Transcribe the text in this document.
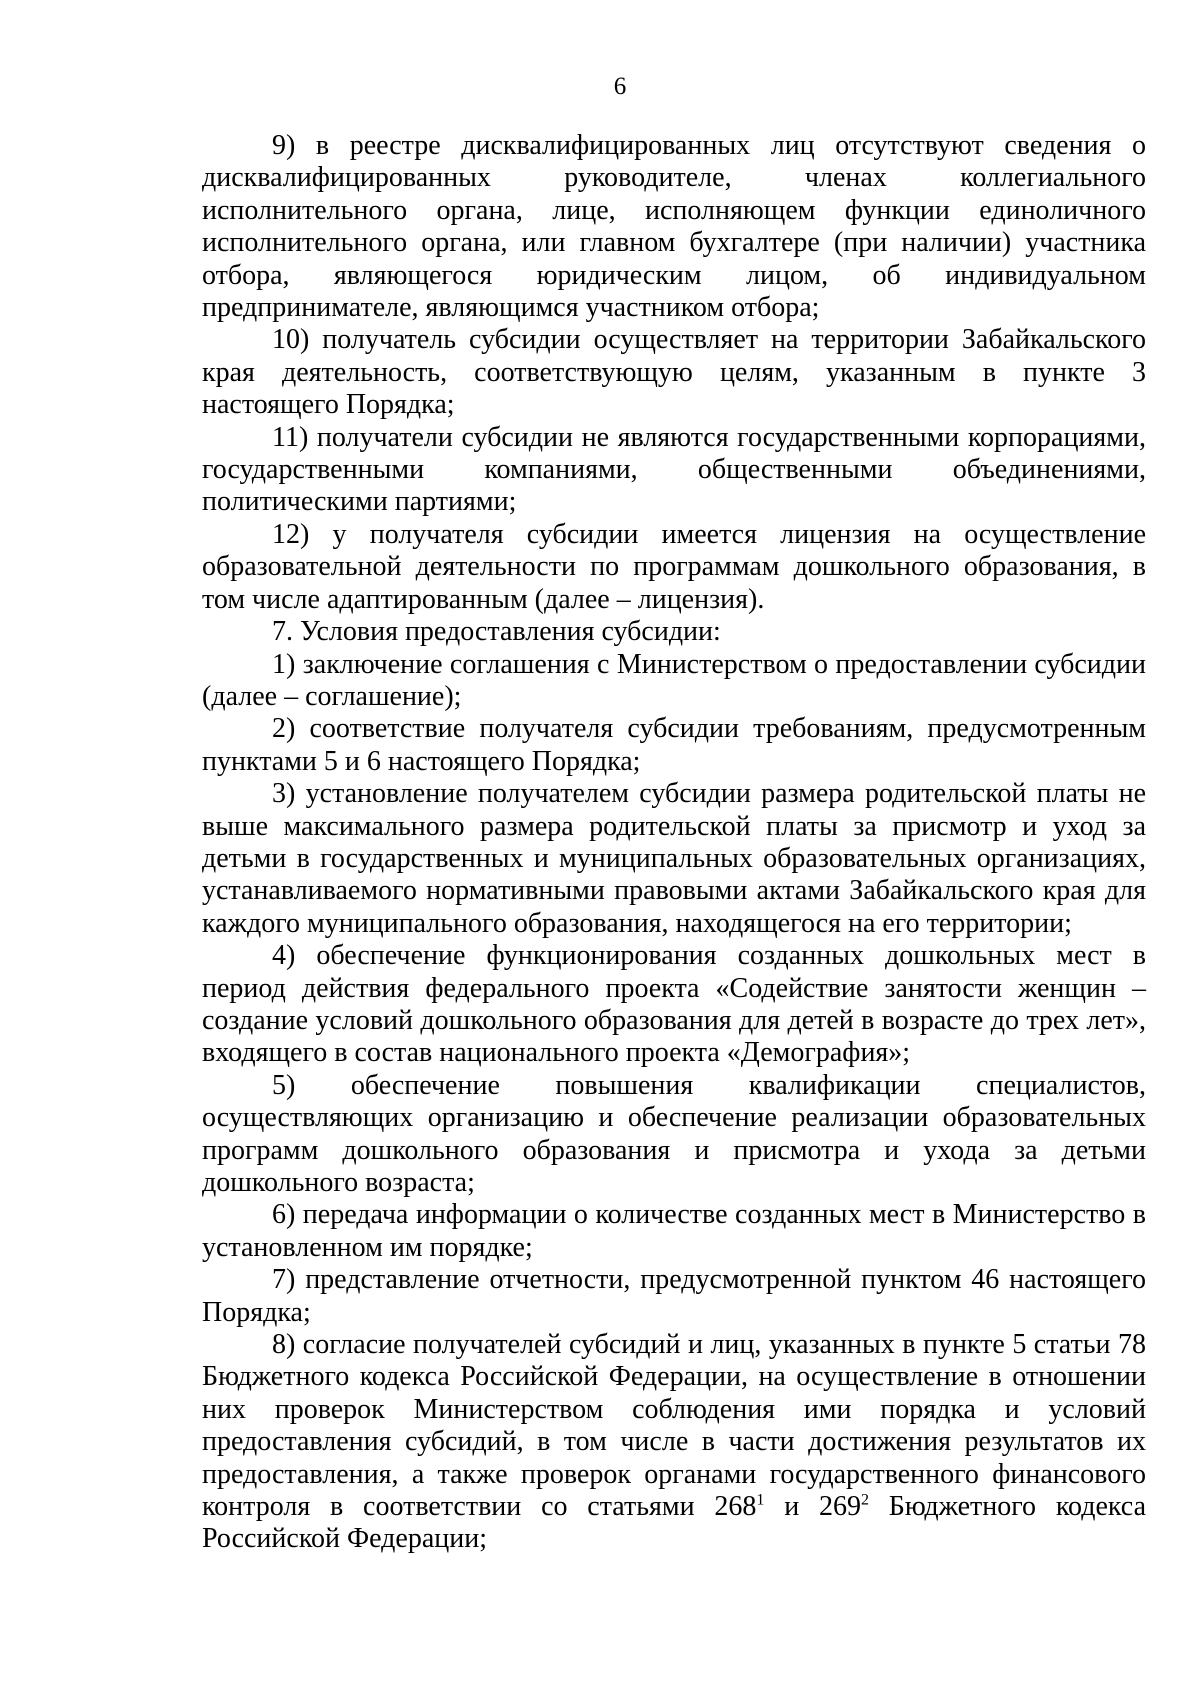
6

9) в реестре дисквалифицированных лиц отсутствуют сведения о дисквалифицированных руководителе, членах коллегиального исполнительного органа, лице, исполняющем функции единоличного исполнительного органа, или главном бухгалтере (при наличии) участника отбора, являющегося юридическим лицом, об индивидуальном предпринимателе, являющимся участником отбора;

10) получатель субсидии осуществляет на территории Забайкальского края деятельность, соответствующую целям, указанным в пункте 3 настоящего Порядка;

11) получатели субсидии не являются государственными корпорациями, государственными компаниями, общественными объединениями, политическими партиями;

12) у получателя субсидии имеется лицензия на осуществление образовательной деятельности по программам дошкольного образования, в том числе адаптированным (далее – лицензия).

7. Условия предоставления субсидии:

1) заключение соглашения с Министерством о предоставлении субсидии (далее – соглашение);

2) соответствие получателя субсидии требованиям, предусмотренным пунктами 5 и 6 настоящего Порядка;

3) установление получателем субсидии размера родительской платы не выше максимального размера родительской платы за присмотр и уход за детьми в государственных и муниципальных образовательных организациях, устанавливаемого нормативными правовыми актами Забайкальского края для каждого муниципального образования, находящегося на его территории;

4) обеспечение функционирования созданных дошкольных мест в период действия федерального проекта «Содействие занятости женщин – создание условий дошкольного образования для детей в возрасте до трех лет», входящего в состав национального проекта «Демография»;

5) обеспечение повышения квалификации специалистов, осуществляющих организацию и обеспечение реализации образовательных программ дошкольного образования и присмотра и ухода за детьми дошкольного возраста;

6) передача информации о количестве созданных мест в Министерство в установленном им порядке;

7) представление отчетности, предусмотренной пунктом 46 настоящего Порядка;

8) согласие получателей субсидий и лиц, указанных в пункте 5 статьи 78 Бюджетного кодекса Российской Федерации, на осуществление в отношении них проверок Министерством соблюдения ими порядка и условий предоставления субсидий, в том числе в части достижения результатов их предоставления, а также проверок органами государственного финансового контроля в соответствии со статьями $268^1$ и $269^2$ Бюджетного кодекса Российской Федерации;
